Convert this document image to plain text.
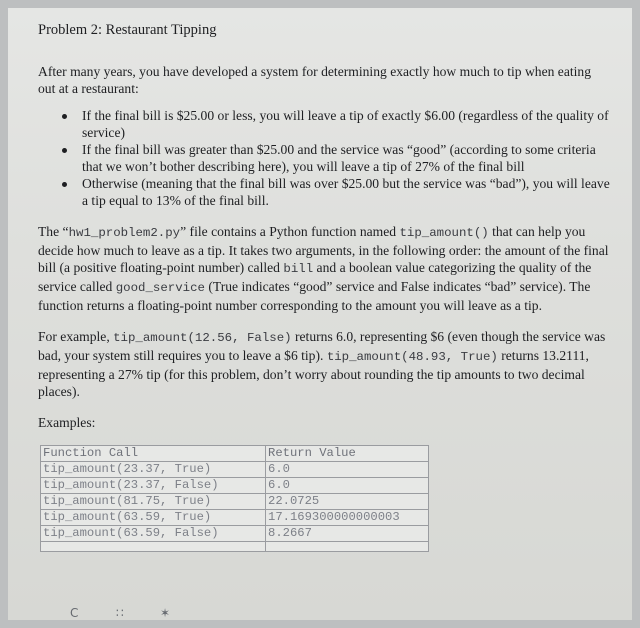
Problem 2: Restaurant Tipping

After many years, you have developed a system for determining exactly how much to tip when eating out at a restaurant:

If the final bill is $25.00 or less, you will leave a tip of exactly $6.00 (regardless of the quality of service)
If the final bill was greater than $25.00 and the service was “good” (according to some criteria that we won’t bother describing here), you will leave a tip of 27% of the final bill
Otherwise (meaning that the final bill was over $25.00 but the service was “bad”), you will leave a tip equal to 13% of the final bill.

The “hw1_problem2.py” file contains a Python function named tip_amount() that can help you decide how much to leave as a tip. It takes two arguments, in the following order: the amount of the final bill (a positive floating-point number) called bill and a boolean value categorizing the quality of the service called good_service (True indicates “good” service and False indicates “bad” service). The function returns a floating-point number corresponding to the amount you will leave as a tip.

For example, tip_amount(12.56, False) returns 6.0, representing $6 (even though the service was bad, your system still requires you to leave a $6 tip). tip_amount(48.93, True) returns 13.2111, representing a 27% tip (for this problem, don’t worry about rounding the tip amounts to two decimal places).

Examples:

Function Call	Return Value
tip_amount(23.37, True)	6.0
tip_amount(23.37, False)	6.0
tip_amount(81.75, True)	22.0725
tip_amount(63.59, True)	17.169300000000003
tip_amount(63.59, False)	8.2667

C	∷	✶
